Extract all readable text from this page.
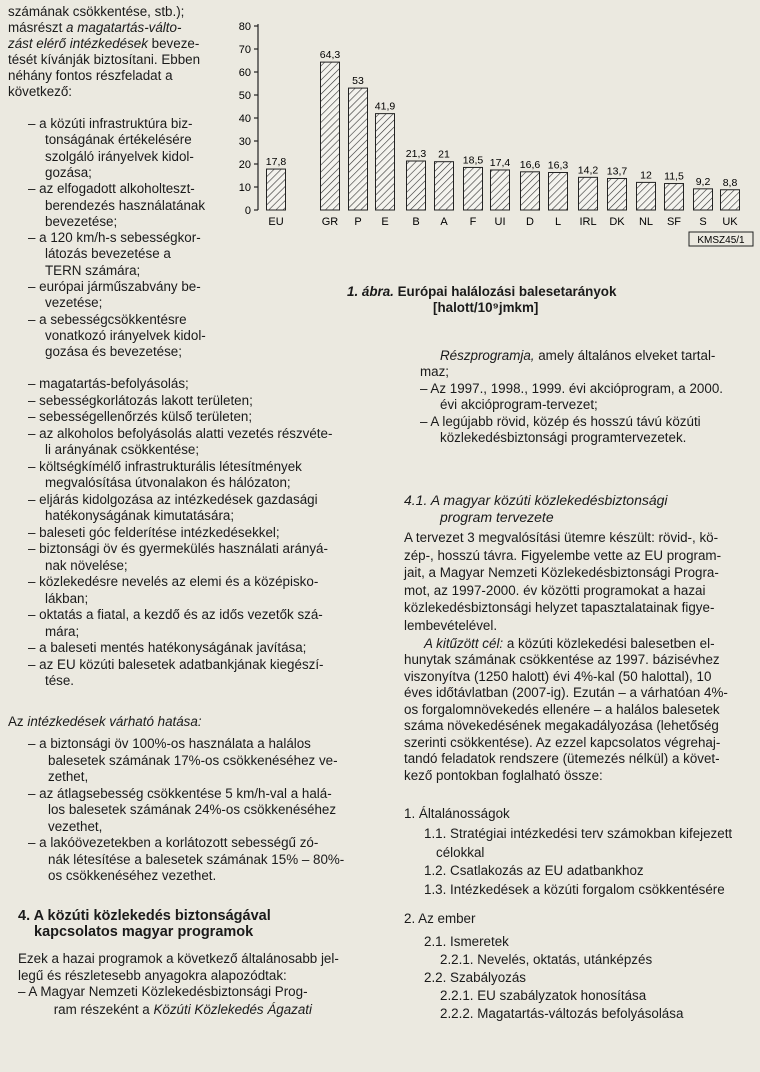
számának csökkentése, stb.);
másrészt a magatartás-válto-
zást elérő intézkedések beveze-
tését kívánják biztosítani. Ebben
néhány fontos részfeladat a
következő:
– a közúti infrastruktúra biz-
tonságának értékelésére
szolgáló irányelvek kidol-
gozása;
– az elfogadott alkoholteszt-
berendezés használatának
bevezetése;
– a 120 km/h-s sebességkor-
látozás bevezetése a
TERN számára;
– európai járműszabvány be-
vezetése;
– a sebességcsökkentésre
vonatkozó irányelvek kidol-
gozása és bevezetése;
0
10
20
30
40
50
60
70
80
17,8
EU
64,3
GR
53
P
41,9
E
21,3
B
21
A
18,5
F
17,4
UI
16,6
D
16,3
L
14,2
IRL
13,7
DK
12
NL
11,5
SF
9,2
S
8,8
UK
KMSZ45/1
1. ábra. Európai halálozási balesetarányok
[halott/10⁹jmkm]
– magatartás-befolyásolás;
– sebességkorlátozás lakott területen;
– sebességellenőrzés külső területen;
– az alkoholos befolyásolás alatti vezetés részvéte-
li arányának csökkentése;
– költségkímélő infrastrukturális létesítmények
megvalósítása útvonalakon és hálózaton;
– eljárás kidolgozása az intézkedések gazdasági
hatékonyságának kimutatására;
– baleseti góc felderítése intézkedésekkel;
– biztonsági öv és gyermekülés használati arányá-
nak növelése;
– közlekedésre nevelés az elemi és a középisko-
lákban;
– oktatás a fiatal, a kezdő és az idős vezetők szá-
mára;
– a baleseti mentés hatékonyságának javítása;
– az EU közúti balesetek adatbankjának kiegészí-
tése.
Az intézkedések várható hatása:
– a biztonsági öv 100%-os használata a halálos
balesetek számának 17%-os csökkenéséhez ve-
zethet,
– az átlagsebesség csökkentése 5 km/h-val a halá-
los balesetek számának 24%-os csökkenéséhez
vezethet,
– a lakóövezetekben a korlátozott sebességű zó-
nák létesítése a balesetek számának 15% – 80%-
os csökkenéséhez vezethet.
4. A közúti közlekedés biztonságával
kapcsolatos magyar programok
Ezek a hazai programok a következő általánosabb jel-
legű és részletesebb anyagokra alapozódtak:
– A Magyar Nemzeti Közlekedésbiztonsági Prog-
ram részeként a Közúti Közlekedés Ágazati
Részprogramja, amely általános elveket tartal-
maz;
– Az 1997., 1998., 1999. évi akcióprogram, a 2000.
évi akcióprogram-tervezet;
– A legújabb rövid, közép és hosszú távú közúti
közlekedésbiztonsági programtervezetek.
4.1. A magyar közúti közlekedésbiztonsági
program tervezete
A tervezet 3 megvalósítási ütemre készült: rövid-, kö-
zép-, hosszú távra. Figyelembe vette az EU program-
jait, a Magyar Nemzeti Közlekedésbiztonsági Progra-
mot, az 1997-2000. év közötti programokat a hazai
közlekedésbiztonsági helyzet tapasztalatainak figye-
lembevételével.
A kitűzött cél: a közúti közlekedési balesetben el-
hunytak számának csökkentése az 1997. bázisévhez
viszonyítva (1250 halott) évi 4%-kal (50 halottal), 10
éves időtávlatban (2007-ig). Ezután – a várhatóan 4%-
os forgalomnövekedés ellenére – a halálos balesetek
száma növekedésének megakadályozása (lehetőség
szerinti csökkentése). Az ezzel kapcsolatos végrehaj-
tandó feladatok rendszere (ütemezés nélkül) a követ-
kező pontokban foglalható össze:
1. Általánosságok
1.1. Stratégiai intézkedési terv számokban kifejezett
célokkal
1.2. Csatlakozás az EU adatbankhoz
1.3. Intézkedések a közúti forgalom csökkentésére
2. Az ember
2.1. Ismeretek
2.2.1. Nevelés, oktatás, utánképzés
2.2. Szabályozás
2.2.1. EU szabályzatok honosítása
2.2.2. Magatartás-változás befolyásolása
